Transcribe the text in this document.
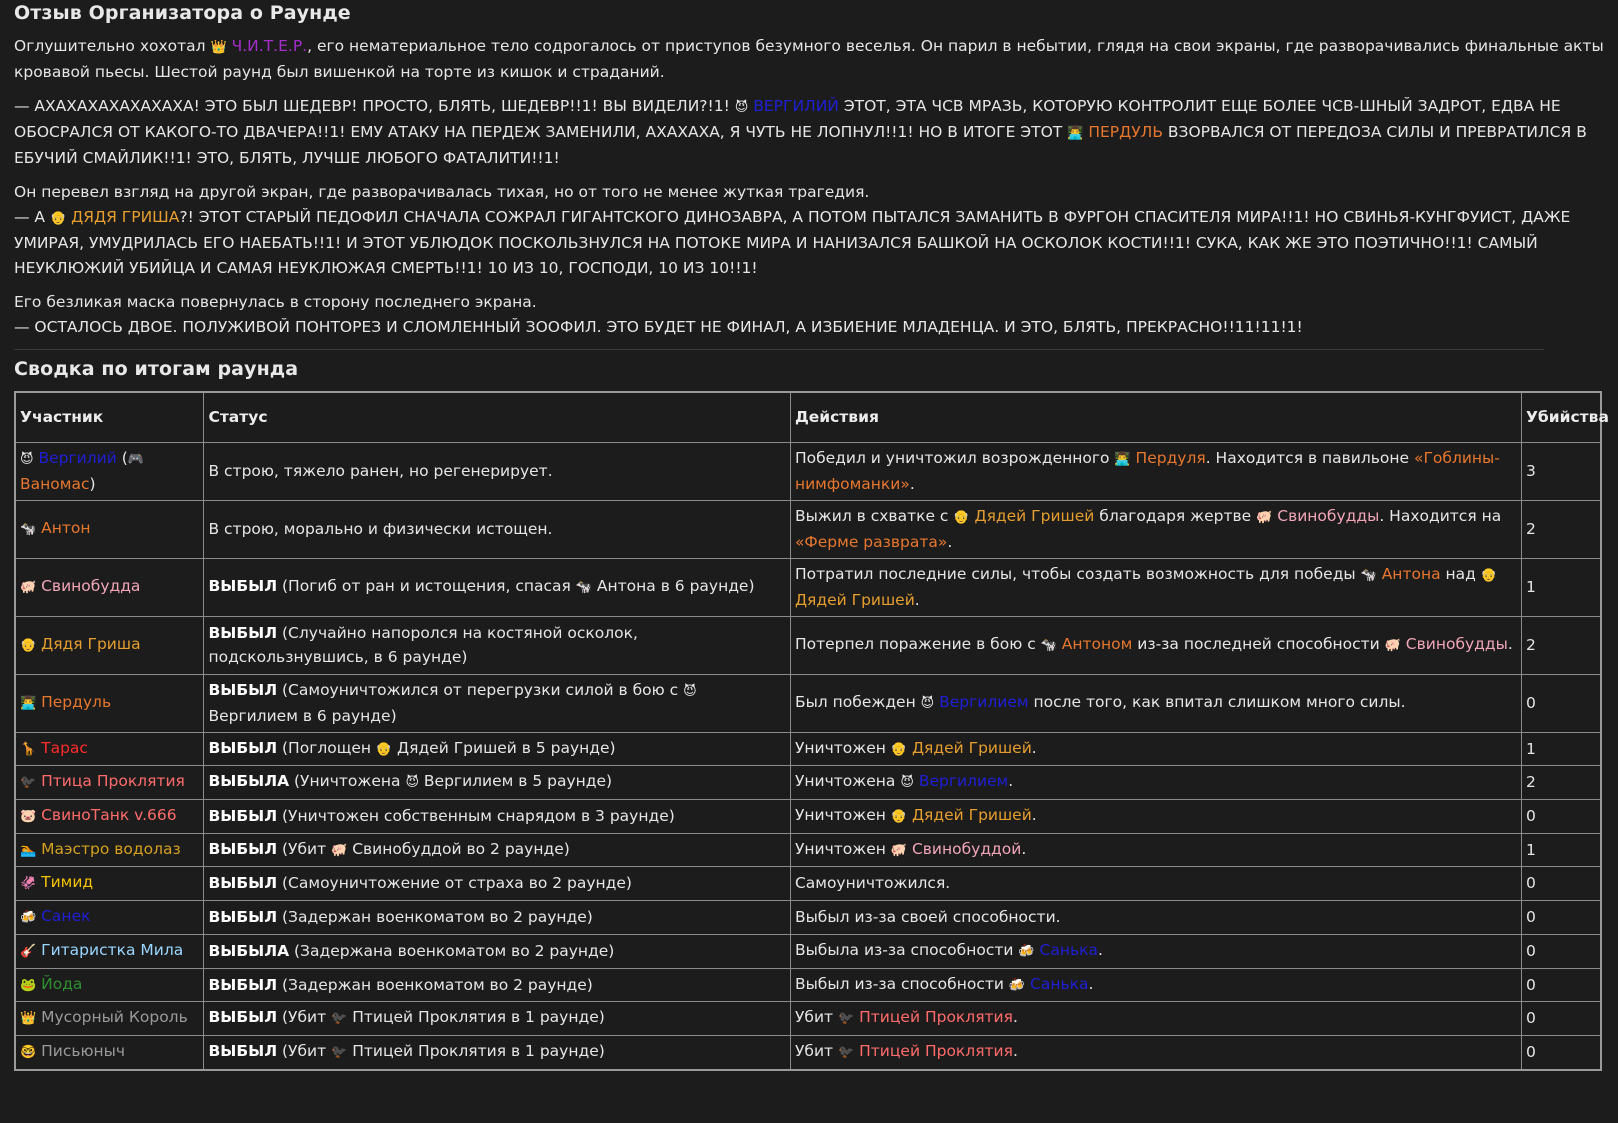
Отзыв Организатора о Раунде

Оглушительно хохотал 👑 Ч.И.Т.Е.Р., его нематериальное тело содрогалось от приступов безумного веселья. Он парил в небытии, глядя на свои экраны, где разворачивались финальные акты кровавой пьесы. Шестой раунд был вишенкой на торте из кишок и страданий.

— АХАХАХАХАХАХАХА! ЭТО БЫЛ ШЕДЕВР! ПРОСТО, БЛЯТЬ, ШЕДЕВР!!1! ВЫ ВИДЕЛИ?!1! 😈 ВЕРГИЛИЙ ЭТОТ, ЭТА ЧСВ МРАЗЬ, КОТОРУЮ КОНТРОЛИТ ЕЩЕ БОЛЕЕ ЧСВ-ШНЫЙ ЗАДРОТ, ЕДВА НЕ ОБОСРАЛСЯ ОТ КАКОГО-ТО ДВАЧЕРА!!1! ЕМУ АТАКУ НА ПЕРДЕЖ ЗАМЕНИЛИ, АХАХАХА, Я ЧУТЬ НЕ ЛОПНУЛ!!1! НО В ИТОГЕ ЭТОТ 👨‍💻 ПЕРДУЛЬ ВЗОРВАЛСЯ ОТ ПЕРЕДОЗА СИЛЫ И ПРЕВРАТИЛСЯ В ЕБУЧИЙ СМАЙЛИК!!1! ЭТО, БЛЯТЬ, ЛУЧШЕ ЛЮБОГО ФАТАЛИТИ!!1!

Он перевел взгляд на другой экран, где разворачивалась тихая, но от того не менее жуткая трагедия.
— А 👴 ДЯДЯ ГРИША?! ЭТОТ СТАРЫЙ ПЕДОФИЛ СНАЧАЛА СОЖРАЛ ГИГАНТСКОГО ДИНОЗАВРА, А ПОТОМ ПЫТАЛСЯ ЗАМАНИТЬ В ФУРГОН СПАСИТЕЛЯ МИРА!!1! НО СВИНЬЯ-КУНГФУИСТ, ДАЖЕ УМИРАЯ, УМУДРИЛАСЬ ЕГО НАЕБАТЬ!!1! И ЭТОТ УБЛЮДОК ПОСКОЛЬЗНУЛСЯ НА ПОТОКЕ МИРА И НАНИЗАЛСЯ БАШКОЙ НА ОСКОЛОК КОСТИ!!1! СУКА, КАК ЖЕ ЭТО ПОЭТИЧНО!!1! САМЫЙ НЕУКЛЮЖИЙ УБИЙЦА И САМАЯ НЕУКЛЮЖАЯ СМЕРТЬ!!1! 10 ИЗ 10, ГОСПОДИ, 10 ИЗ 10!!1!

Его безликая маска повернулась в сторону последнего экрана.
— ОСТАЛОСЬ ДВОЕ. ПОЛУЖИВОЙ ПОНТОРЕЗ И СЛОМЛЕННЫЙ ЗООФИЛ. ЭТО БУДЕТ НЕ ФИНАЛ, А ИЗБИЕНИЕ МЛАДЕНЦА. И ЭТО, БЛЯТЬ, ПРЕКРАСНО!!11!11!1!

Сводка по итогам раунда
Участник	Статус	Действия	Убийства
😈 Вергилий (🎮 Ваномас)	В строю, тяжело ранен, но регенерирует.	Победил и уничтожил возрожденного 👨‍💻 Пердуля. Находится в павильоне «Гоблины-нимфоманки».	3
🐄 Антон	В строю, морально и физически истощен.	Выжил в схватке с 👴 Дядей Гришей благодаря жертве 🐖 Свинобудды. Находится на «Ферме разврата».	2
🐖 Свинобудда	ВЫБЫЛ (Погиб от ран и истощения, спасая 🐄 Антона в 6 раунде)	Потратил последние силы, чтобы создать возможность для победы 🐄 Антона над 👴 Дядей Гришей.	1
👴 Дядя Гриша	ВЫБЫЛ (Случайно напоролся на костяной осколок, подскользнувшись, в 6 раунде)	Потерпел поражение в бою с 🐄 Антоном из-за последней способности 🐖 Свинобудды.	2
👨‍💻 Пердуль	ВЫБЫЛ (Самоуничтожился от перегрузки силой в бою с 😈 Вергилием в 6 раунде)	Был побежден 😈 Вергилием после того, как впитал слишком много силы.	0
🦒 Тарас	ВЫБЫЛ (Поглощен 👴 Дядей Гришей в 5 раунде)	Уничтожен 👴 Дядей Гришей.	1
🐦‍⬛ Птица Проклятия	ВЫБЫЛА (Уничтожена 😈 Вергилием в 5 раунде)	Уничтожена 😈 Вергилием.	2
🐷 СвиноТанк v.666	ВЫБЫЛ (Уничтожен собственным снарядом в 3 раунде)	Уничтожен 👴 Дядей Гришей.	0
🏊 Маэстро водолаз	ВЫБЫЛ (Убит 🐖 Свинобуддой во 2 раунде)	Уничтожен 🐖 Свинобуддой.	1
🦑 Тимид	ВЫБЫЛ (Самоуничтожение от страха во 2 раунде)	Самоуничтожился.	0
🍻 Санек	ВЫБЫЛ (Задержан военкоматом во 2 раунде)	Выбыл из-за своей способности.	0
🎸 Гитаристка Мила	ВЫБЫЛА (Задержана военкоматом во 2 раунде)	Выбыла из-за способности 🍻 Санька.	0
🐸 Йода	ВЫБЫЛ (Задержан военкоматом во 2 раунде)	Выбыл из-за способности 🍻 Санька.	0
👑 Мусорный Король	ВЫБЫЛ (Убит 🐦‍⬛ Птицей Проклятия в 1 раунде)	Убит 🐦‍⬛ Птицей Проклятия.	0
🤓 Письюныч	ВЫБЫЛ (Убит 🐦‍⬛ Птицей Проклятия в 1 раунде)	Убит 🐦‍⬛ Птицей Проклятия.	0
